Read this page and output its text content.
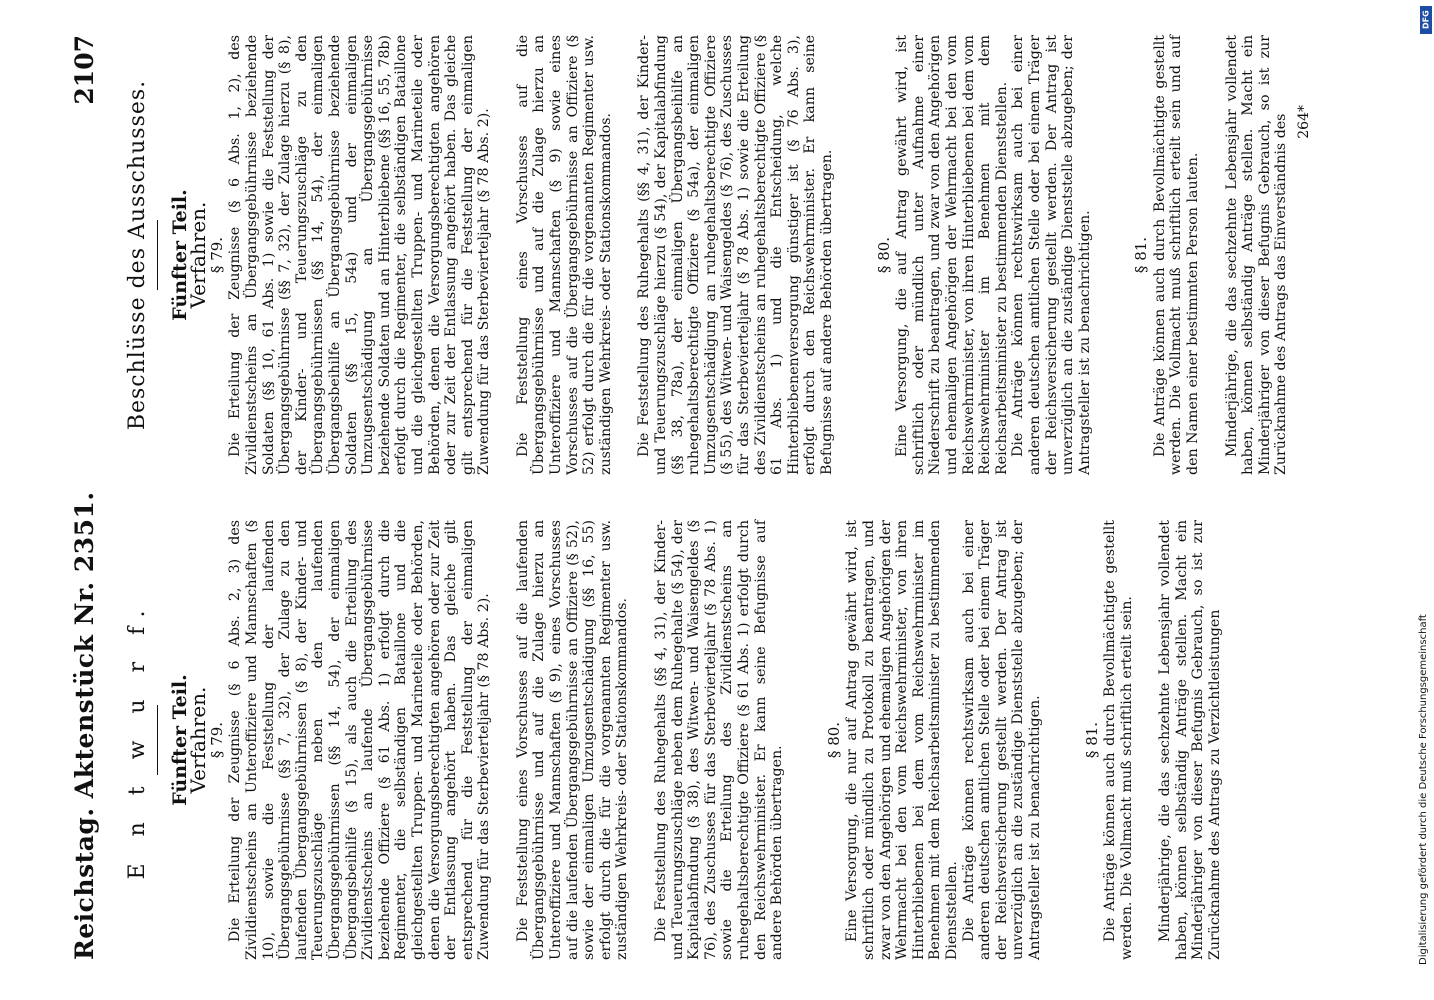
Reichstag. Aktenstück Nr. 2351.
2107
E n t w u r f. Fünfter Teil.
Verfahren.
§ 79. Die Erteilung der Zeugnisse (§ 6 Abs. 2, 3) des Zivildienstscheins an Unteroffiziere und Mannschaften (§ 10), sowie die Feststellung der laufenden Übergangsgebührnisse (§§ 7, 32), der Zulage zu den laufenden Übergangsgebührnissen (§ 8), der Kinder- und Teuerungszuschläge neben den laufenden Übergangsgebührnissen (§§ 14, 54), der einmaligen Übergangsbeihilfe (§ 15), als auch die Erteilung des Zivildienstscheins an laufende Übergangsgebührnisse beziehende Offiziere (§ 61 Abs. 1) erfolgt durch die Regimenter, die selbständigen Bataillone und die gleichgestellten Truppen- und Marineteile oder Behörden, denen die Versorgungsberechtigten angehören oder zur Zeit der Entlassung angehört haben. Das gleiche gilt entsprechend für die Feststellung der einmaligen Zuwendung für das Sterbevierteljahr (§ 78 Abs. 2). Die Feststellung eines Vorschusses auf die laufenden Übergangsgebührnisse und auf die Zulage hierzu an Unteroffiziere und Mannschaften (§ 9), eines Vorschusses auf die laufenden Übergangsgebührnisse an Offiziere (§ 52), sowie der einmaligen Umzugsentschädigung (§§ 16, 55) erfolgt durch die für die vorgenannten Regimenter usw. zuständigen Wehrkreis- oder Stationskommandos. Die Feststellung des Ruhegehalts (§§ 4, 31), der Kinder- und Teuerungszuschläge neben dem Ruhegehalte (§ 54), der Kapitalabfindung (§ 38), des Witwen- und Waisengeldes (§ 76), des Zuschusses für das Sterbevierteljahr (§ 78 Abs. 1) sowie die Erteilung des Zivildienstscheins an ruhegehaltsberechtigte Offiziere (§ 61 Abs. 1) erfolgt durch den Reichswehrminister. Er kann seine Befugnisse auf andere Behörden übertragen.

§ 80. Eine Versorgung, die nur auf Antrag gewährt wird, ist schriftlich oder mündlich zu Protokoll zu beantragen, und zwar von den Angehörigen und ehemaligen Angehörigen der Wehrmacht bei den vom Reichswehrminister, von ihren Hinterbliebenen bei dem vom Reichswehrminister im Benehmen mit dem Reichsarbeitsminister zu bestimmenden Dienststellen. Die Anträge können rechtswirksam auch bei einer anderen deutschen amtlichen Stelle oder bei einem Träger der Reichsversicherung gestellt werden. Der Antrag ist unverzüglich an die zuständige Dienststelle abzugeben; der Antragsteller ist zu benachrichtigen.	§ 81. Die Anträge können auch durch Bevollmächtigte gestellt werden. Die Vollmacht muß schriftlich erteilt sein. Minderjährige, die das sechzehnte Lebensjahr vollendet haben, können selbständig Anträge stellen. Macht ein Minderjähriger von dieser Befugnis Gebrauch, so ist zur Zurücknahme des Antrags zu Verzichtleistungen

Beschlüsse des Ausschusses. Fünfter Teil.
Verfahren.
§ 79. Die Erteilung der Zeugnisse (§ 6 Abs. 1, 2), des Zivildienstscheins an Übergangsgebührnisse beziehende Soldaten (§§ 10, 61 Abs. 1) sowie die Feststellung der Übergangsgebührnisse (§§ 7, 32), der Zulage hierzu (§ 8), der Kinder- und Teuerungszuschläge zu den Übergangsgebührnissen (§§ 14, 54), der einmaligen Übergangsbeihilfe an Übergangsgebührnisse beziehende Soldaten (§§ 15, 54a) und der einmaligen Umzugsentschädigung an Übergangsgebührnisse beziehende Soldaten und an Hinterbliebene (§§ 16, 55, 78b) erfolgt durch die Regimenter, die selbständigen Bataillone und die gleichgestellten Truppen- und Marineteile oder Behörden, denen die Versorgungsberechtigten angehören oder zur Zeit der Entlassung angehört haben. Das gleiche gilt entsprechend für die Feststellung der einmaligen Zuwendung für das Sterbevierteljahr (§ 78 Abs. 2). Die Feststellung eines Vorschusses auf die Übergangsgebührnisse und auf die Zulage hierzu an Unteroffiziere und Mannschaften (§ 9) sowie eines Vorschusses auf die Übergangsgebührnisse an Offiziere (§ 52) erfolgt durch die für die vorgenannten Regimenter usw. zuständigen Wehrkreis- oder Stationskommandos. Die Feststellung des Ruhegehalts (§§ 4, 31), der Kinder- und Teuerungszuschläge hierzu (§ 54), der Kapitalabfindung (§§ 38, 78a), der einmaligen Übergangsbeihilfe an ruhegehaltsberechtigte Offiziere (§ 54a), der einmaligen Umzugsentschädigung an ruhegehaltsberechtigte Offiziere (§ 55), des Witwen- und Waisengeldes (§ 76), des Zuschusses für das Sterbevierteljahr (§ 78 Abs. 1) sowie die Erteilung des Zivildienstscheins an ruhegehaltsberechtigte Offiziere (§ 61 Abs. 1) und die Entscheidung, welche Hinterbliebenenversorgung günstiger ist (§ 76 Abs. 3), erfolgt durch den Reichswehrminister. Er kann seine Befugnisse auf andere Behörden übertragen.	§ 80. Eine Versorgung, die auf Antrag gewährt wird, ist schriftlich oder mündlich unter Aufnahme einer Niederschrift zu beantragen, und zwar von den Angehörigen und ehemaligen Angehörigen der Wehrmacht bei den vom Reichswehrminister, von ihren Hinterbliebenen bei dem vom Reichswehrminister im Benehmen mit dem Reichsarbeitsminister zu bestimmenden Dienststellen. Die Anträge können rechtswirksam auch bei einer anderen deutschen amtlichen Stelle oder bei einem Träger der Reichsversicherung gestellt werden. Der Antrag ist unverzüglich an die zuständige Dienststelle abzugeben; der Antragsteller ist zu benachrichtigen.	§ 81. Die Anträge können auch durch Bevollmächtigte gestellt werden. Die Vollmacht muß schriftlich erteilt sein und auf den Namen einer bestimmten Person lauten. Minderjährige, die das sechzehnte Lebensjahr vollendet haben, können selbständig Anträge stellen. Macht ein Minderjähriger von dieser Befugnis Gebrauch, so ist zur Zurücknahme des Antrags das Einverständnis des 264*
DFG
Digitalisierung gefördert durch die Deutsche Forschungsgemeinschaft
